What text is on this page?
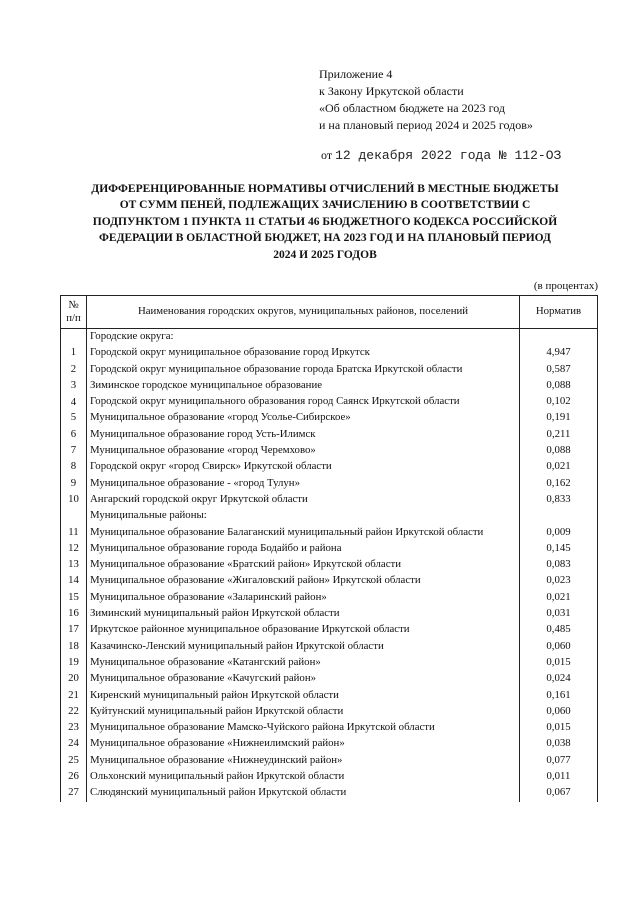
Приложение 4
к Закону Иркутской области
«Об областном бюджете на 2023 год
и на плановый период 2024 и 2025 годов»
от 12 декабря 2022 года № 112-ОЗ
ДИФФЕРЕНЦИРОВАННЫЕ НОРМАТИВЫ ОТЧИСЛЕНИЙ В МЕСТНЫЕ БЮДЖЕТЫ
ОТ СУММ ПЕНЕЙ, ПОДЛЕЖАЩИХ ЗАЧИСЛЕНИЮ В СООТВЕТСТВИИ С
ПОДПУНКТОМ 1 ПУНКТА 11 СТАТЬИ 46 БЮДЖЕТНОГО КОДЕКСА РОССИЙСКОЙ
ФЕДЕРАЦИИ В ОБЛАСТНОЙ БЮДЖЕТ, НА 2023 ГОД И НА ПЛАНОВЫЙ ПЕРИОД
2024 И 2025 ГОДОВ
(в процентах)
№
п/п	Наименования городских округов, муниципальных районов, поселений	Норматив
	Городские округа:	
1	Городской округ муниципальное образование город Иркутск	4,947
2	Городской округ муниципальное образование города Братска Иркутской области	0,587
3	Зиминское городское муниципальное образование	0,088
4	Городской округ муниципального образования город Саянск Иркутской области	0,102
5	Муниципальное образование «город Усолье-Сибирское»	0,191
6	Муниципальное образование город Усть-Илимск	0,211
7	Муниципальное образование «город Черемхово»	0,088
8	Городской округ «город Свирск» Иркутской области	0,021
9	Муниципальное образование - «город Тулун»	0,162
10	Ангарский городской округ Иркутской области	0,833
	Муниципальные районы:	
11	Муниципальное образование Балаганский муниципальный район Иркутской области	0,009
12	Муниципальное образование города Бодайбо и района	0,145
13	Муниципальное образование «Братский район» Иркутской области	0,083
14	Муниципальное образование «Жигаловский район» Иркутской области	0,023
15	Муниципальное образование «Заларинский район»	0,021
16	Зиминский муниципальный район Иркутской области	0,031
17	Иркутское районное муниципальное образование Иркутской области	0,485
18	Казачинско-Ленский муниципальный район Иркутской области	0,060
19	Муниципальное образование «Катангский район»	0,015
20	Муниципальное образование «Качугский район»	0,024
21	Киренский муниципальный район Иркутской области	0,161
22	Куйтунский муниципальный район Иркутской области	0,060
23	Муниципальное образование Мамско-Чуйского района Иркутской области	0,015
24	Муниципальное образование «Нижнеилимский район»	0,038
25	Муниципальное образование «Нижнеудинский район»	0,077
26	Ольхонский муниципальный район Иркутской области	0,011
27	Слюдянский муниципальный район Иркутской области	0,067
